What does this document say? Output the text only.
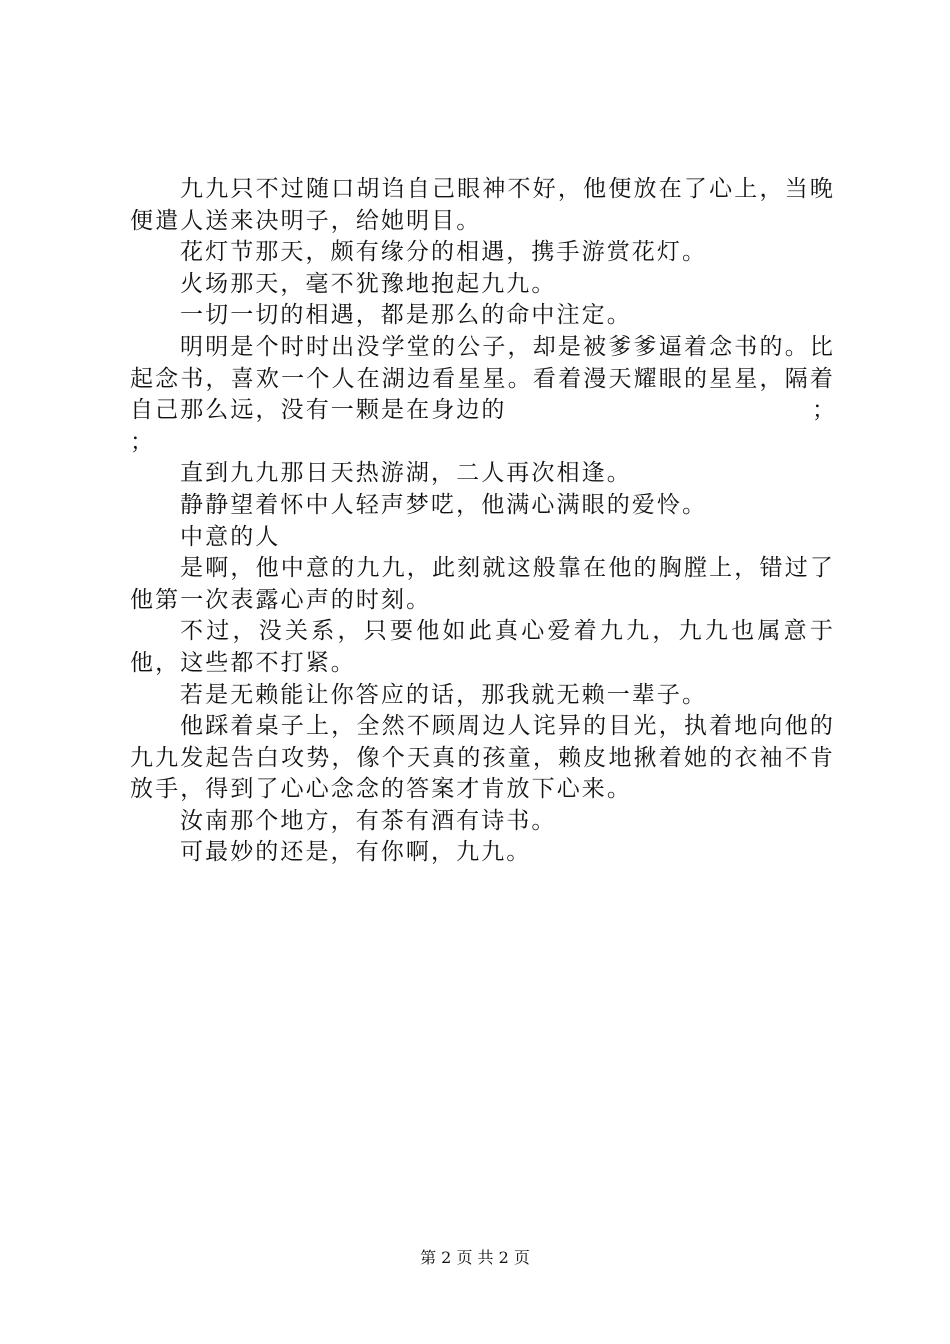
九九只不过随口胡诌自己眼神不好，他便放在了心上，当晚便遣人送来决明子，给她明目。

花灯节那天，颇有缘分的相遇，携手游赏花灯。

火场那天，毫不犹豫地抱起九九。

一切一切的相遇，都是那么的命中注定。

明明是个时时出没学堂的公子，却是被爹爹逼着念书的。比起念书，喜欢一个人在湖边看星星。看着漫天耀眼的星星，隔着自己那么远，没有一颗是在身边的	；
；

直到九九那日天热游湖，二人再次相逢。

静静望着怀中人轻声梦呓，他满心满眼的爱怜。

中意的人

是啊，他中意的九九，此刻就这般靠在他的胸膛上，错过了他第一次表露心声的时刻。

不过，没关系，只要他如此真心爱着九九，九九也属意于他，这些都不打紧。

若是无赖能让你答应的话，那我就无赖一辈子。

他踩着桌子上，全然不顾周边人诧异的目光，执着地向他的九九发起告白攻势，像个天真的孩童，赖皮地揪着她的衣袖不肯放手，得到了心心念念的答案才肯放下心来。

汝南那个地方，有茶有酒有诗书。

可最妙的还是，有你啊，九九。

第 2 页 共 2 页
